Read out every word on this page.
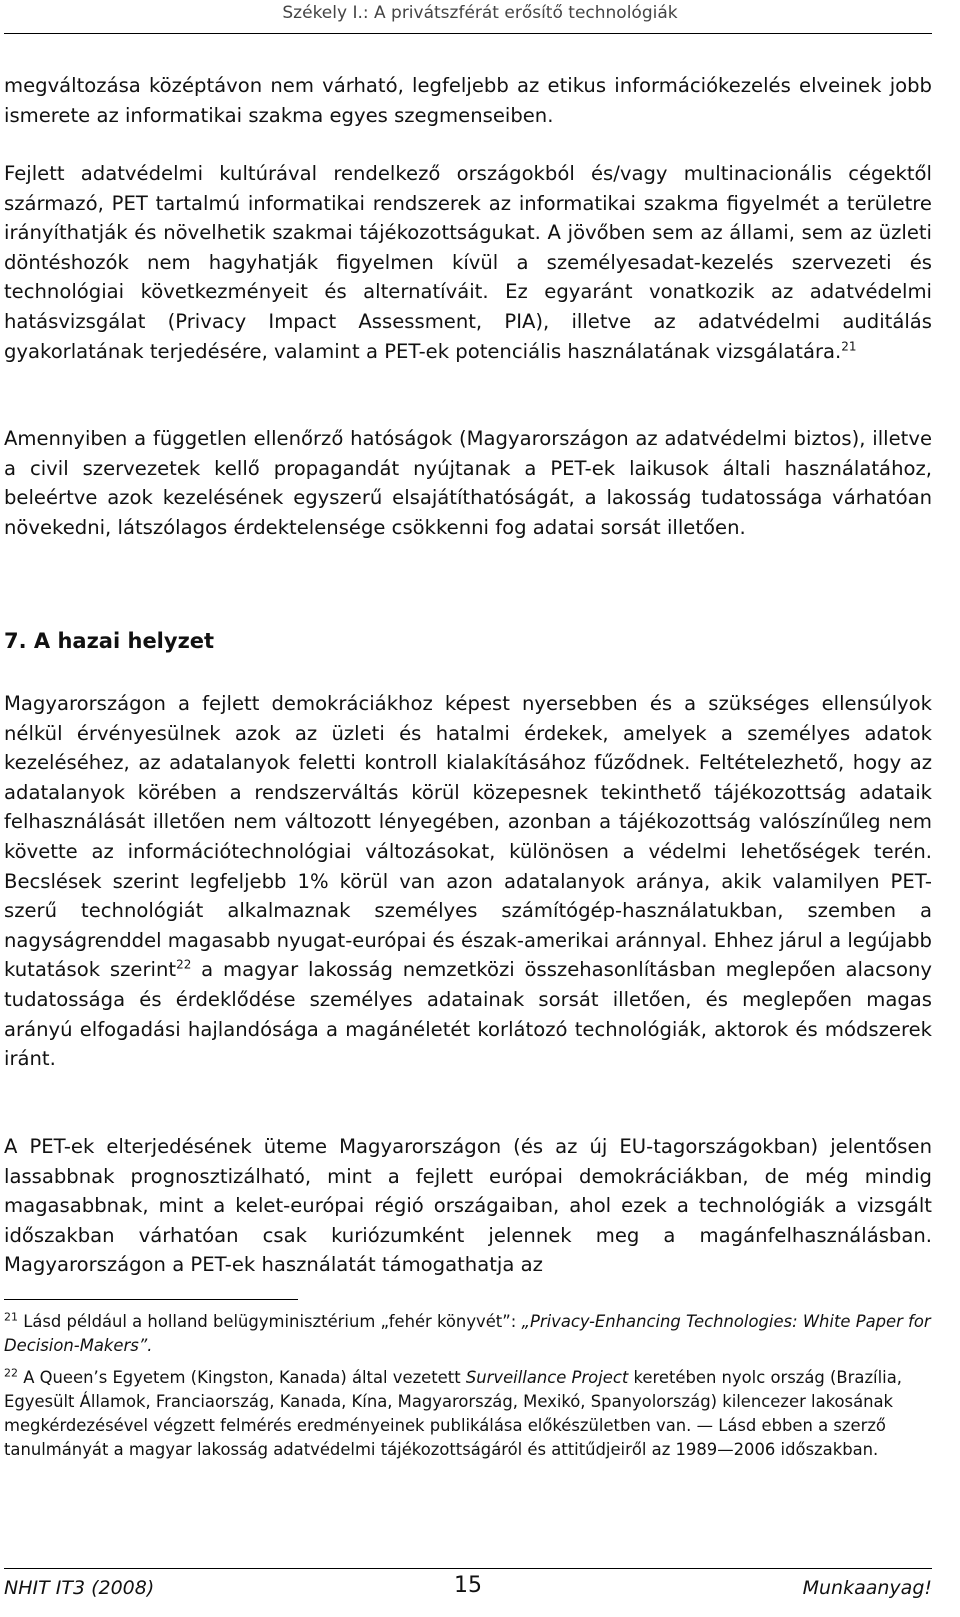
Székely I.: A privátszférát erősítő technológiák

megváltozása középtávon nem várható, legfeljebb az etikus információkezelés elveinek jobb ismerete az informatikai szakma egyes szegmenseiben.

Fejlett adatvédelmi kultúrával rendelkező országokból és/vagy multinacionális cégektől származó, PET tartalmú informatikai rendszerek az informatikai szakma figyelmét a területre irányíthatják és növelhetik szakmai tájékozottságukat. A jövőben sem az állami, sem az üzleti döntéshozók nem hagyhatják figyelmen kívül a személyesadat-kezelés szervezeti és technológiai következményeit és alternatíváit. Ez egyaránt vonatkozik az adatvédelmi hatásvizsgálat (Privacy Impact Assessment, PIA), illetve az adatvédelmi auditálás gyakorlatának terjedésére, valamint a PET-ek potenciális használatának vizsgálatára.$^{21}$

Amennyiben a független ellenőrző hatóságok (Magyarországon az adatvédelmi biztos), illetve a civil szervezetek kellő propagandát nyújtanak a PET-ek laikusok általi használatához, beleértve azok kezelésének egyszerű elsajátíthatóságát, a lakosság tudatossága várhatóan növekedni, látszólagos érdektelensége csökkenni fog adatai sorsát illetően.

7. A hazai helyzet

Magyarországon a fejlett demokráciákhoz képest nyersebben és a szükséges ellensúlyok nélkül érvényesülnek azok az üzleti és hatalmi érdekek, amelyek a személyes adatok kezeléséhez, az adatalanyok feletti kontroll kialakításához fűződnek. Feltételezhető, hogy az adatalanyok körében a rendszerváltás körül közepesnek tekinthető tájékozottság adataik felhasználását illetően nem változott lényegében, azonban a tájékozottság valószínűleg nem követte az információtechnológiai változásokat, különösen a védelmi lehetőségek terén. Becslések szerint legfeljebb 1% körül van azon adatalanyok aránya, akik valamilyen PET-szerű technológiát alkalmaznak személyes számítógép-használatukban, szemben a nagyságrenddel magasabb nyugat-európai és észak-amerikai aránnyal. Ehhez járul a legújabb kutatások szerint$^{22}$ a magyar lakosság nemzetközi összehasonlításban meglepően alacsony tudatossága és érdeklődése személyes adatainak sorsát illetően, és meglepően magas arányú elfogadási hajlandósága a magánéletét korlátozó technológiák, aktorok és módszerek iránt.

A PET-ek elterjedésének üteme Magyarországon (és az új EU-tagországokban) jelentősen lassabbnak prognosztizálható, mint a fejlett európai demokráciákban, de még mindig magasabbnak, mint a kelet-európai régió országaiban, ahol ezek a technológiák a vizsgált időszakban várhatóan csak kuriózumként jelennek meg a magánfelhasználásban. Magyarországon a PET-ek használatát támogathatja az

$^{21}$ Lásd például a holland belügyminisztérium „fehér könyvét”: „Privacy-Enhancing Technologies: White Paper for Decision-Makers”.

$^{22}$ A Queen’s Egyetem (Kingston, Kanada) által vezetett Surveillance Project keretében nyolc ország (Brazília, Egyesült Államok, Franciaország, Kanada, Kína, Magyarország, Mexikó, Spanyolország) kilencezer lakosának megkérdezésével végzett felmérés eredményeinek publikálása előkészületben van. — Lásd ebben a szerző tanulmányát a magyar lakosság adatvédelmi tájékozottságáról és attitűdjeiről az 1989—2006 időszakban.

NHIT IT3 (2008)	15	Munkaanyag!
